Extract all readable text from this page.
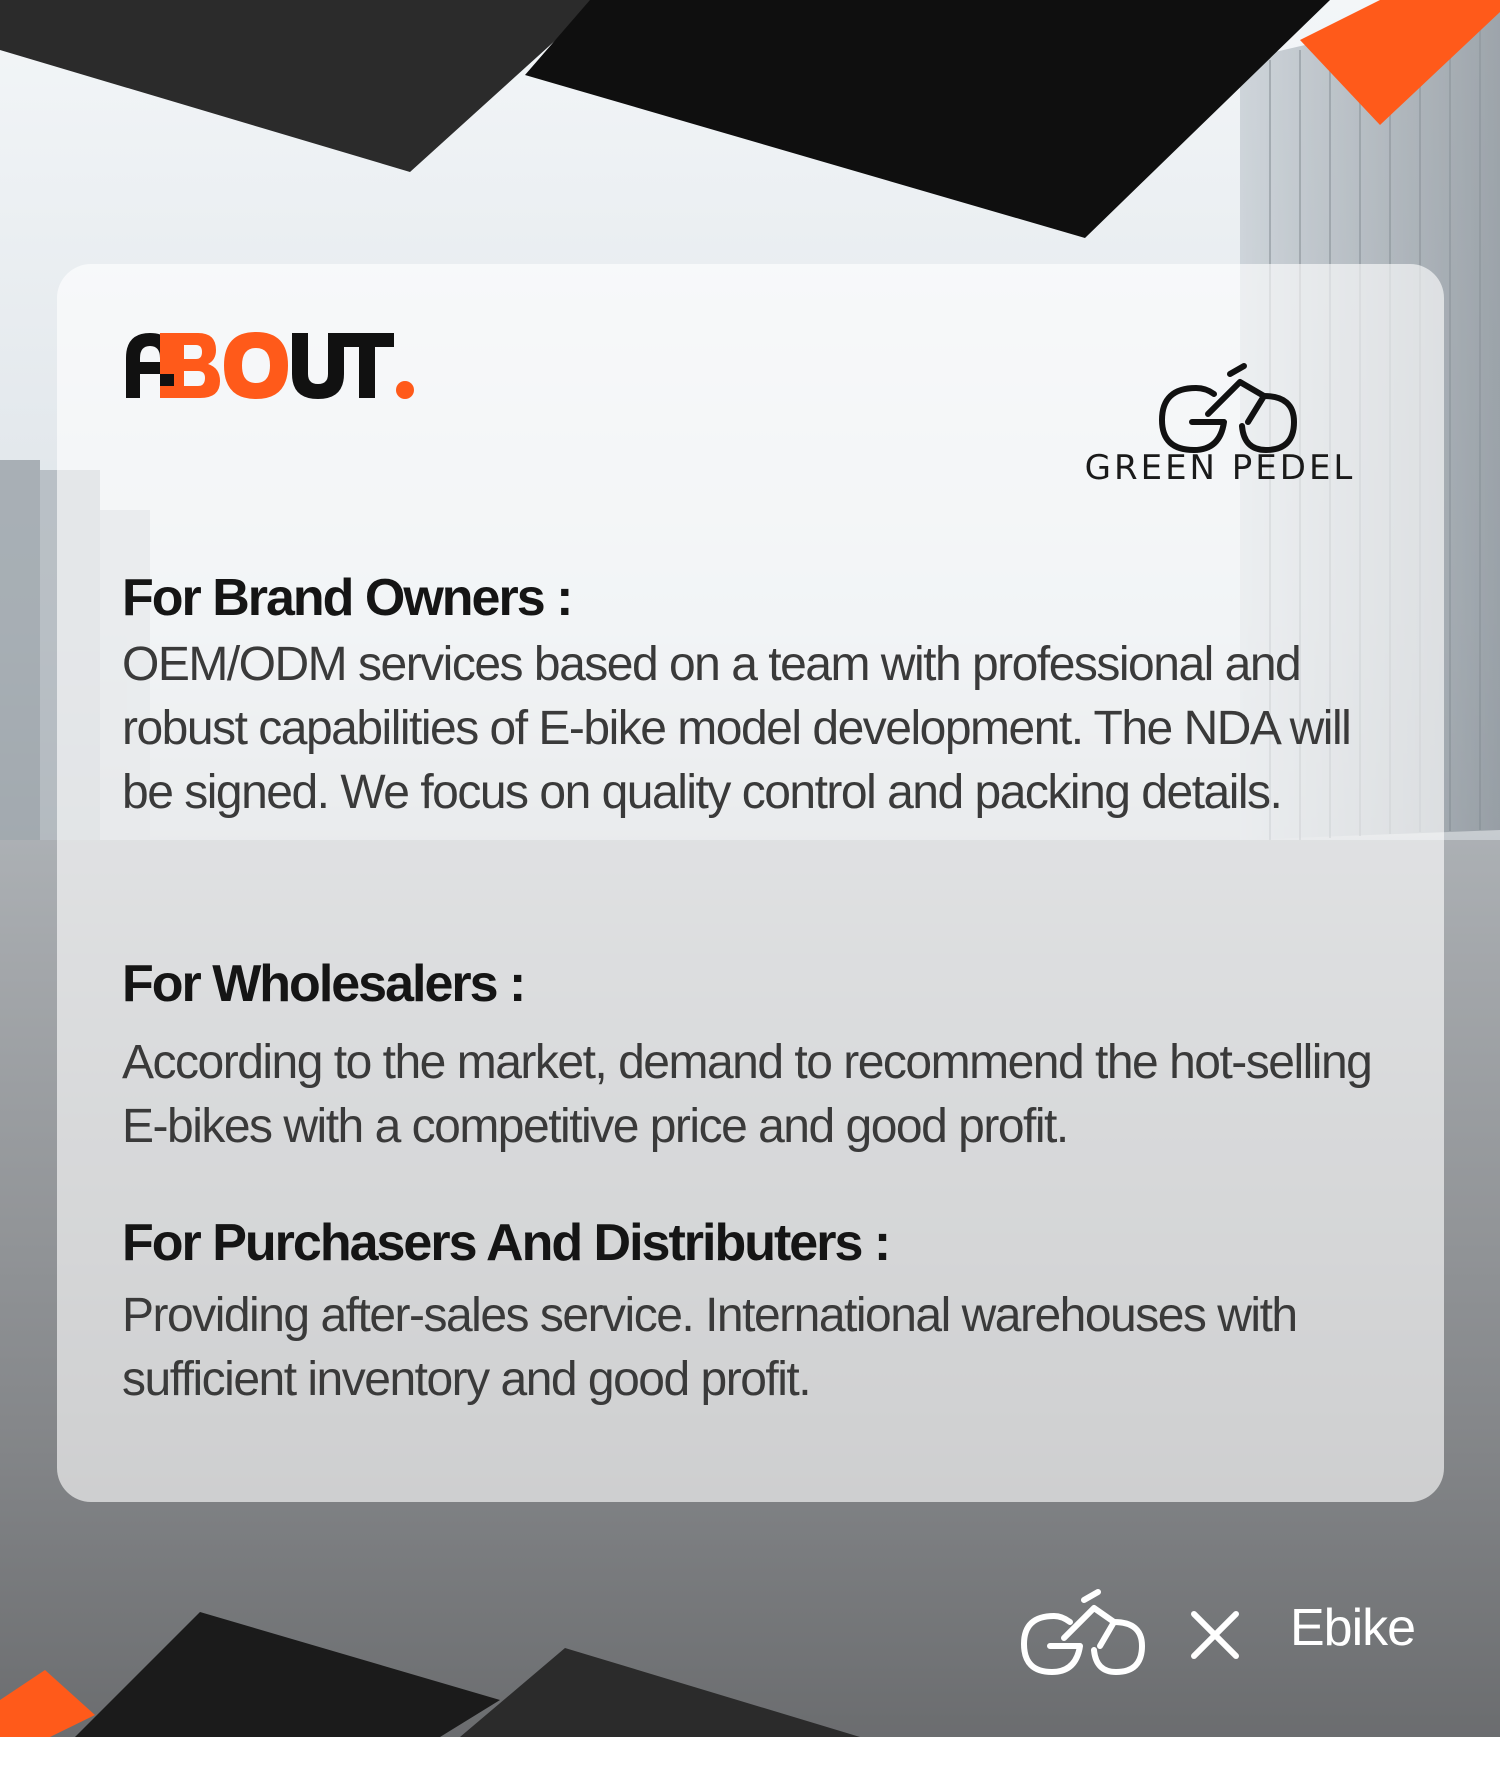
GREEN PEDEL
For Brand Owners :

OEM/ODM services based on a team with professional and robust capabilities of E-bike model development. The NDA will be signed. We focus on quality control and packing details.

For Wholesalers :

According to the market, demand to recommend the hot-selling E-bikes with a competitive price and good profit.

For Purchasers And Distributers :

Providing after-sales service. International warehouses with sufficient inventory and good profit.

Ebike
